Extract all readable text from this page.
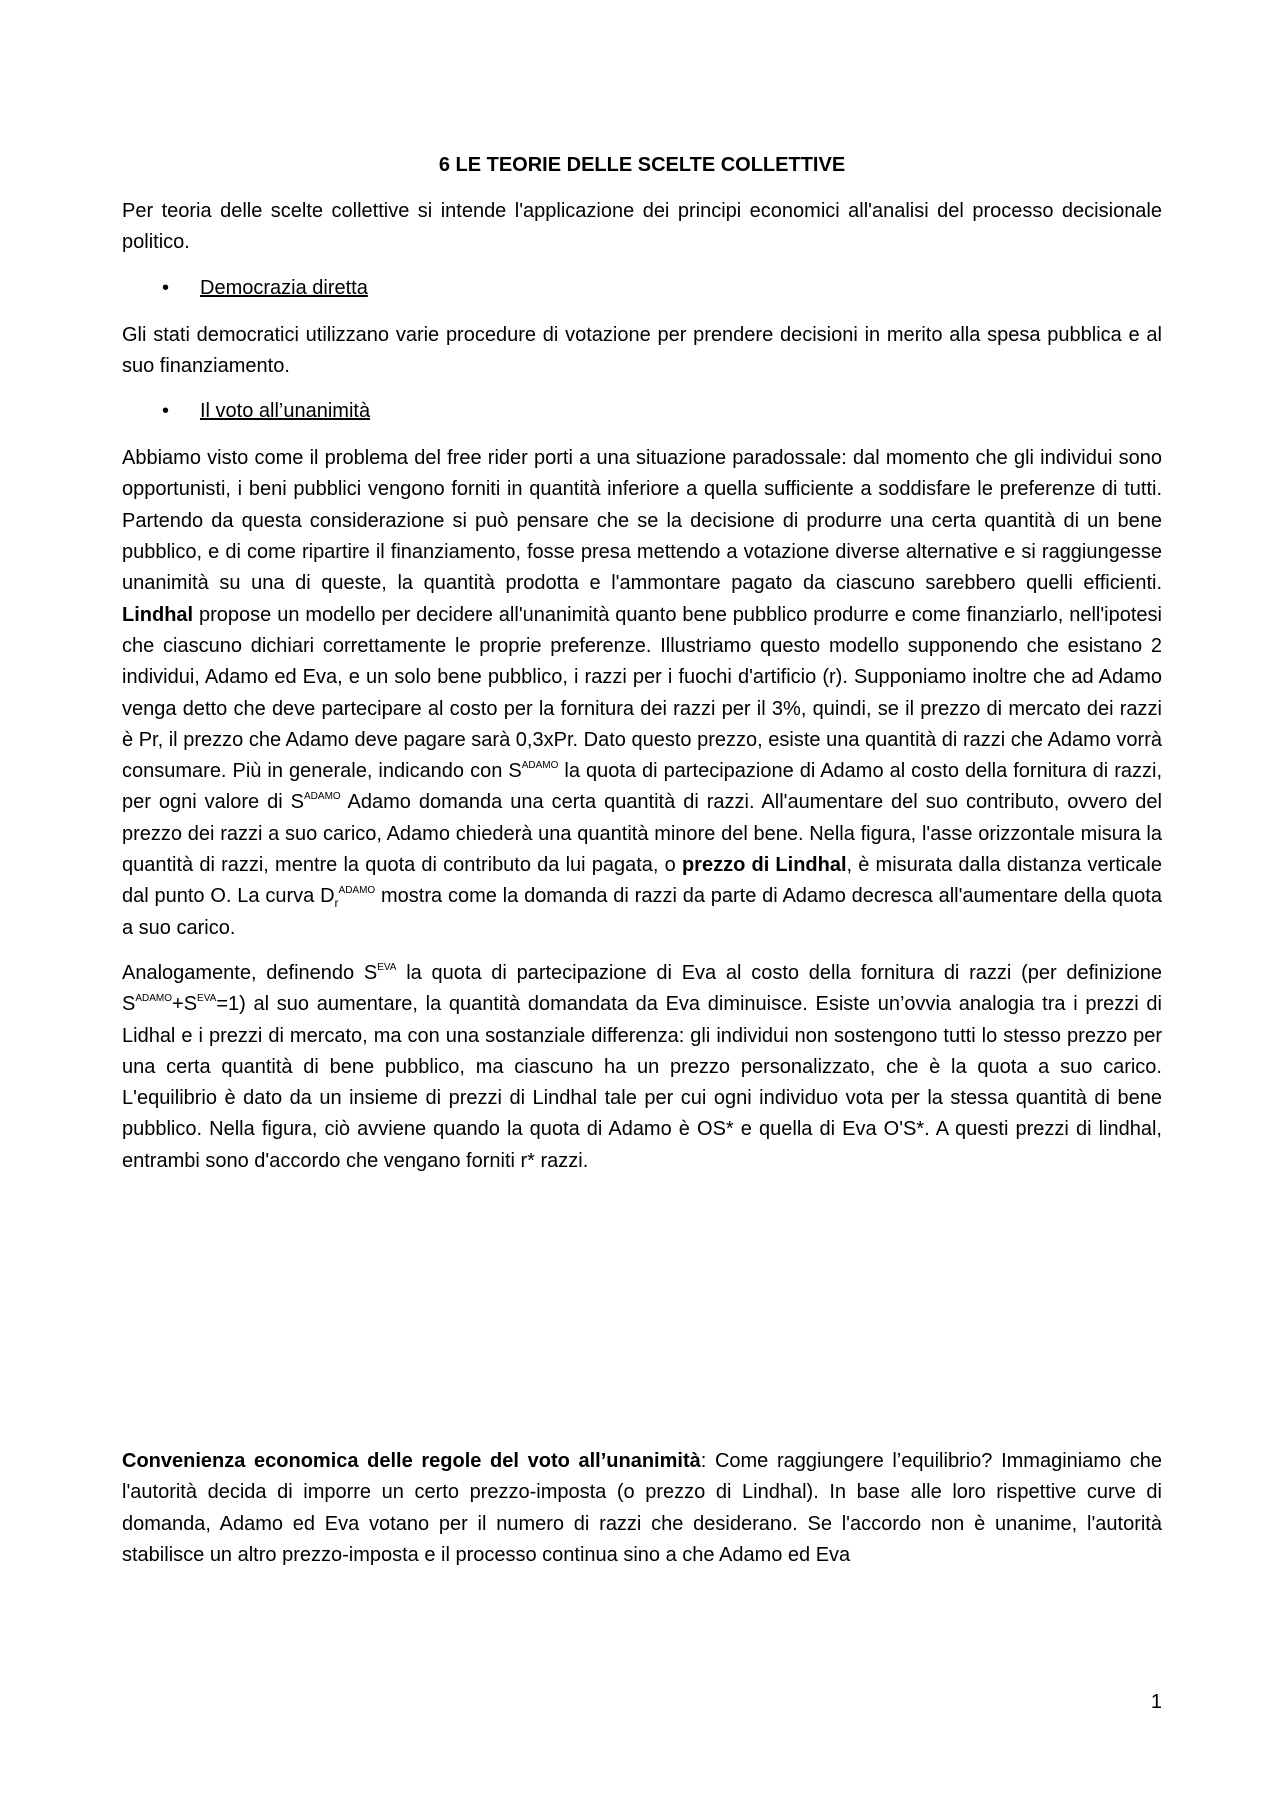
6 LE TEORIE DELLE SCELTE COLLETTIVE

Per teoria delle scelte collettive si intende l'applicazione dei principi economici all'analisi del processo decisionale politico.

• Democrazia diretta

Gli stati democratici utilizzano varie procedure di votazione per prendere decisioni in merito alla spesa pubblica e al suo finanziamento.

• Il voto all’unanimità

Abbiamo visto come il problema del free rider porti a una situazione paradossale: dal momento che gli individui sono opportunisti, i beni pubblici vengono forniti in quantità inferiore a quella sufficiente a soddisfare le preferenze di tutti. Partendo da questa considerazione si può pensare che se la decisione di produrre una certa quantità di un bene pubblico, e di come ripartire il finanziamento, fosse presa mettendo a votazione diverse alternative e si raggiungesse unanimità su una di queste, la quantità prodotta e l'ammontare pagato da ciascuno sarebbero quelli efficienti. Lindhal propose un modello per decidere all'unanimità quanto bene pubblico produrre e come finanziarlo, nell'ipotesi che ciascuno dichiari correttamente le proprie preferenze. Illustriamo questo modello supponendo che esistano 2 individui, Adamo ed Eva, e un solo bene pubblico, i razzi per i fuochi d'artificio (r). Supponiamo inoltre che ad Adamo venga detto che deve partecipare al costo per la fornitura dei razzi per il 3%, quindi, se il prezzo di mercato dei razzi è Pr, il prezzo che Adamo deve pagare sarà 0,3xPr. Dato questo prezzo, esiste una quantità di razzi che Adamo vorrà consumare. Più in generale, indicando con $S^{ADAMO}$ la quota di partecipazione di Adamo al costo della fornitura di razzi, per ogni valore di $S^{ADAMO}$ Adamo domanda una certa quantità di razzi. All'aumentare del suo contributo, ovvero del prezzo dei razzi a suo carico, Adamo chiederà una quantità minore del bene. Nella figura, l'asse orizzontale misura la quantità di razzi, mentre la quota di contributo da lui pagata, o prezzo di Lindhal, è misurata dalla distanza verticale dal punto O. La curva $D_r^{ADAMO}$ mostra come la domanda di razzi da parte di Adamo decresca all'aumentare della quota a suo carico.

Analogamente, definendo $S^{EVA}$ la quota di partecipazione di Eva al costo della fornitura di razzi (per definizione $S^{ADAMO}+S^{EVA}=1$) al suo aumentare, la quantità domandata da Eva diminuisce. Esiste un’ovvia analogia tra i prezzi di Lidhal e i prezzi di mercato, ma con una sostanziale differenza: gli individui non sostengono tutti lo stesso prezzo per una certa quantità di bene pubblico, ma ciascuno ha un prezzo personalizzato, che è la quota a suo carico. L'equilibrio è dato da un insieme di prezzi di Lindhal tale per cui ogni individuo vota per la stessa quantità di bene pubblico. Nella figura, ciò avviene quando la quota di Adamo è OS* e quella di Eva O'S*. A questi prezzi di lindhal, entrambi sono d'accordo che vengano forniti r* razzi.

Convenienza economica delle regole del voto all’unanimità: Come raggiungere l’equilibrio? Immaginiamo che l'autorità decida di imporre un certo prezzo-imposta (o prezzo di Lindhal). In base alle loro rispettive curve di domanda, Adamo ed Eva votano per il numero di razzi che desiderano. Se l'accordo non è unanime, l'autorità stabilisce un altro prezzo-imposta e il processo continua sino a che Adamo ed Eva

1
